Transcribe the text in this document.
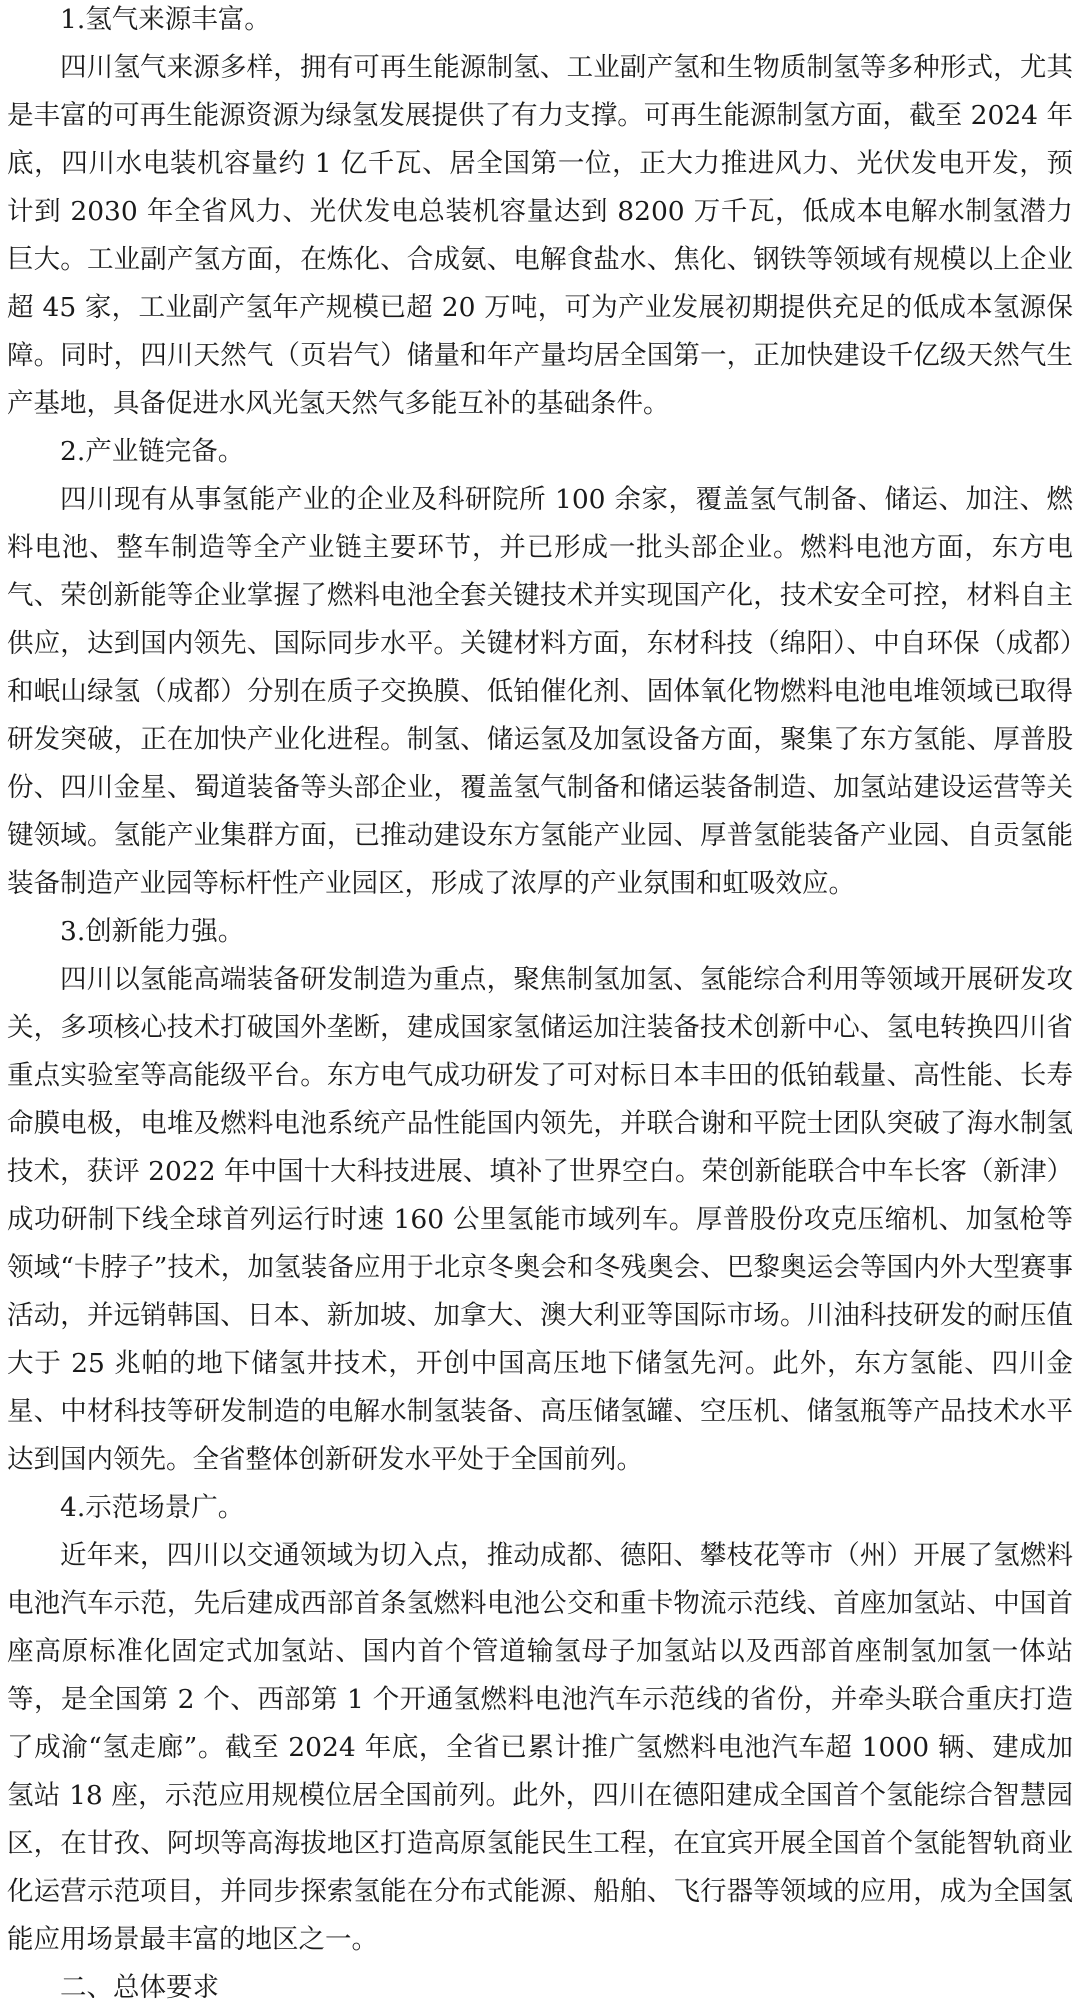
1.氢气来源丰富。

四川氢气来源多样，拥有可再生能源制氢、工业副产氢和生物质制氢等多种形式，尤其是丰富的可再生能源资源为绿氢发展提供了有力支撑。可再生能源制氢方面，截至 2024 年底，四川水电装机容量约 1 亿千瓦、居全国第一位，正大力推进风力、光伏发电开发，预计到 2030 年全省风力、光伏发电总装机容量达到 8200 万千瓦，低成本电解水制氢潜力巨大。工业副产氢方面，在炼化、合成氨、电解食盐水、焦化、钢铁等领域有规模以上企业超 45 家，工业副产氢年产规模已超 20 万吨，可为产业发展初期提供充足的低成本氢源保障。同时，四川天然气（页岩气）储量和年产量均居全国第一，正加快建设千亿级天然气生产基地，具备促进水风光氢天然气多能互补的基础条件。

2.产业链完备。

四川现有从事氢能产业的企业及科研院所 100 余家，覆盖氢气制备、储运、加注、燃料电池、整车制造等全产业链主要环节，并已形成一批头部企业。燃料电池方面，东方电气、荣创新能等企业掌握了燃料电池全套关键技术并实现国产化，技术安全可控，材料自主供应，达到国内领先、国际同步水平。关键材料方面，东材科技（绵阳）、中自环保（成都）和岷山绿氢（成都）分别在质子交换膜、低铂催化剂、固体氧化物燃料电池电堆领域已取得研发突破，正在加快产业化进程。制氢、储运氢及加氢设备方面，聚集了东方氢能、厚普股份、四川金星、蜀道装备等头部企业，覆盖氢气制备和储运装备制造、加氢站建设运营等关键领域。氢能产业集群方面，已推动建设东方氢能产业园、厚普氢能装备产业园、自贡氢能装备制造产业园等标杆性产业园区，形成了浓厚的产业氛围和虹吸效应。

3.创新能力强。

四川以氢能高端装备研发制造为重点，聚焦制氢加氢、氢能综合利用等领域开展研发攻关，多项核心技术打破国外垄断，建成国家氢储运加注装备技术创新中心、氢电转换四川省重点实验室等高能级平台。东方电气成功研发了可对标日本丰田的低铂载量、高性能、长寿命膜电极，电堆及燃料电池系统产品性能国内领先，并联合谢和平院士团队突破了海水制氢技术，获评 2022 年中国十大科技进展、填补了世界空白。荣创新能联合中车长客（新津）成功研制下线全球首列运行时速 160 公里氢能市域列车。厚普股份攻克压缩机、加氢枪等领域“卡脖子”技术，加氢装备应用于北京冬奥会和冬残奥会、巴黎奥运会等国内外大型赛事活动，并远销韩国、日本、新加坡、加拿大、澳大利亚等国际市场。川油科技研发的耐压值大于 25 兆帕的地下储氢井技术，开创中国高压地下储氢先河。此外，东方氢能、四川金星、中材科技等研发制造的电解水制氢装备、高压储氢罐、空压机、储氢瓶等产品技术水平达到国内领先。全省整体创新研发水平处于全国前列。

4.示范场景广。

近年来，四川以交通领域为切入点，推动成都、德阳、攀枝花等市（州）开展了氢燃料电池汽车示范，先后建成西部首条氢燃料电池公交和重卡物流示范线、首座加氢站、中国首座高原标准化固定式加氢站、国内首个管道输氢母子加氢站以及西部首座制氢加氢一体站等，是全国第 2 个、西部第 1 个开通氢燃料电池汽车示范线的省份，并牵头联合重庆打造了成渝“氢走廊”。截至 2024 年底，全省已累计推广氢燃料电池汽车超 1000 辆、建成加氢站 18 座，示范应用规模位居全国前列。此外，四川在德阳建成全国首个氢能综合智慧园区，在甘孜、阿坝等高海拔地区打造高原氢能民生工程，在宜宾开展全国首个氢能智轨商业化运营示范项目，并同步探索氢能在分布式能源、船舶、飞行器等领域的应用，成为全国氢能应用场景最丰富的地区之一。

二、总体要求
